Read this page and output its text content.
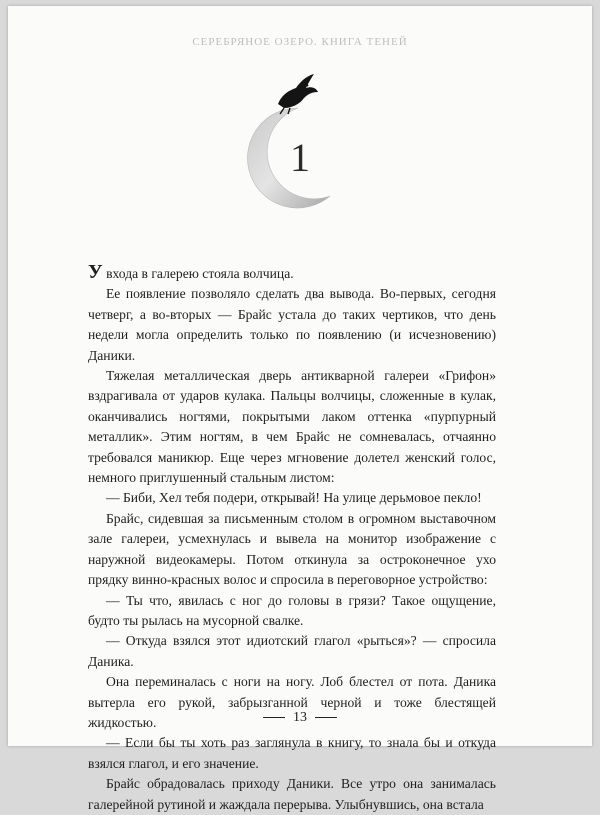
СЕРЕБРЯНОЕ ОЗЕРО. КНИГА ТЕНЕЙ
1

У входа в галерею стояла волчица.

Ее появление позволяло сделать два вывода. Во-первых, сегодня четверг, а во-вторых — Брайс устала до таких чертиков, что день недели могла определить только по появлению (и исчезновению) Даники.

Тяжелая металлическая дверь антикварной галереи «Грифон» вздрагивала от ударов кулака. Пальцы волчицы, сложенные в кулак, оканчивались ногтями, покрытыми лаком оттенка «пурпурный металлик». Этим ногтям, в чем Брайс не сомневалась, отчаянно требовался маникюр. Еще через мгновение долетел женский голос, немного приглушенный стальным листом:

— Биби, Хел тебя подери, открывай! На улице дерьмовое пекло!

Брайс, сидевшая за письменным столом в огромном выставочном зале галереи, усмехнулась и вывела на монитор изображение с наружной видеокамеры. Потом откинула за остроконечное ухо прядку винно-красных волос и спросила в переговорное устройство:

— Ты что, явилась с ног до головы в грязи? Такое ощущение, будто ты рылась на мусорной свалке.

— Откуда взялся этот идиотский глагол «рыться»? — спросила Даника.

Она переминалась с ноги на ногу. Лоб блестел от пота. Даника вытерла его рукой, забрызганной черной и тоже блестящей жидкостью.

— Если бы ты хоть раз заглянула в книгу, то знала бы и откуда взялся глагол, и его значение.

Брайс обрадовалась приходу Даники. Все утро она занималась галерейной рутиной и жаждала перерыва. Улыбнувшись, она встала

13
